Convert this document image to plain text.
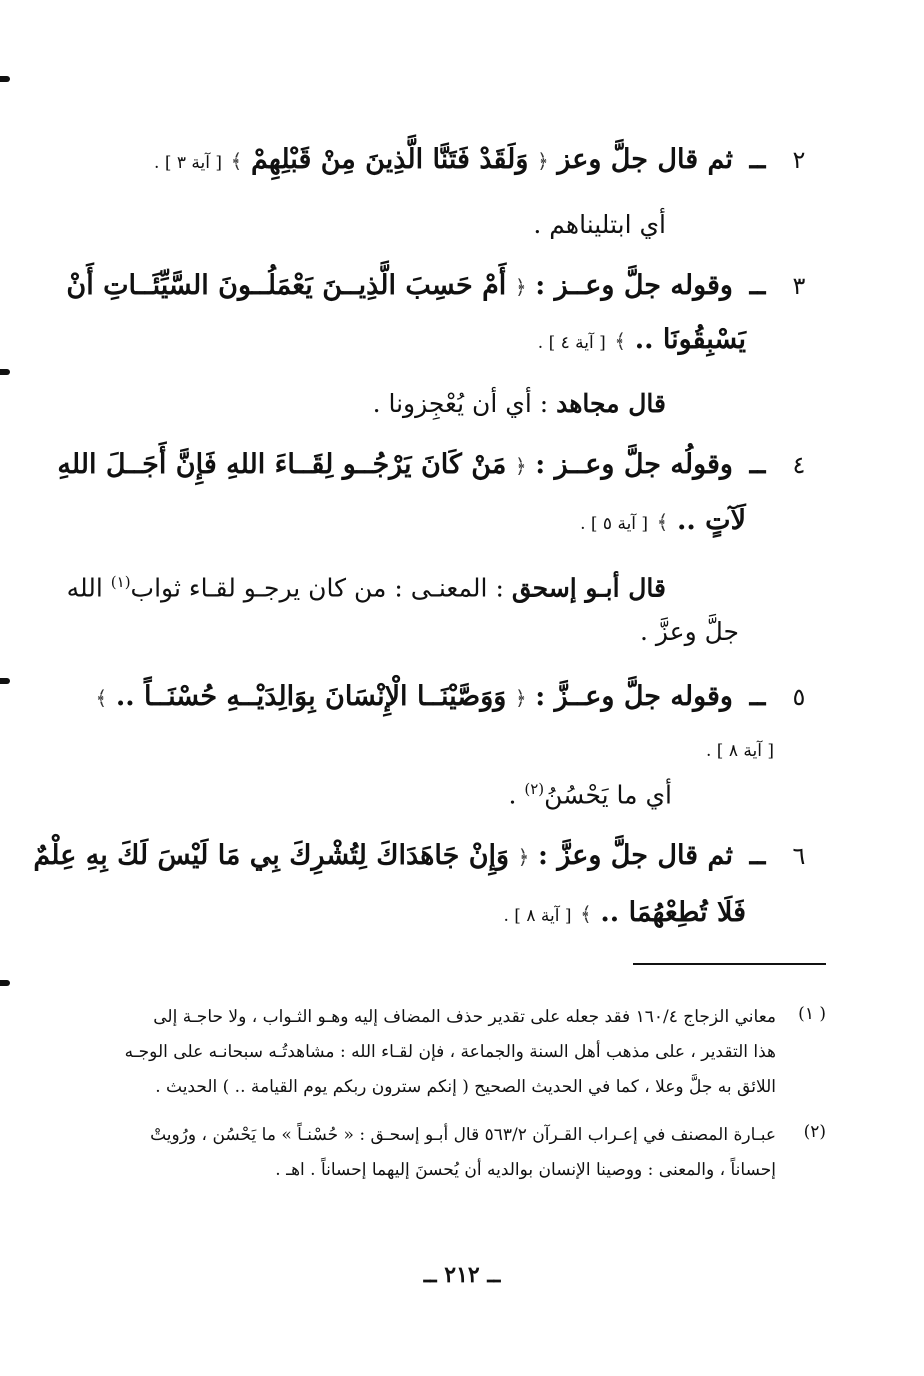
٢ ــ ثم قال جلَّ وعز ﴿ وَلَقَدْ فَتَنَّا الَّذِينَ مِنْ قَبْلِهِمْ ﴾ [ آية ٣ ] .
أي ابتليناهم .
٣ ــ وقوله جلَّ وعــز : ﴿ أَمْ حَسِبَ الَّذِيــنَ يَعْمَلُــونَ السَّيِّئَــاتِ أَنْ
يَسْبِقُونَا .. ﴾ [ آية ٤ ] .
قال مجاهد : أي أن يُعْجِزونا .
٤ ــ وقولُه جلَّ وعــز : ﴿ مَنْ كَانَ يَرْجُــو لِقَــاءَ اللهِ فَإِنَّ أَجَــلَ اللهِ
لَآتٍ .. ﴾ [ آية ٥ ] .
قال أبـو إسحق : المعنـى : من كان يرجـو لقـاء ثواب$^{(١)}$ الله
جلَّ وعزَّ .
٥ ــ وقوله جلَّ وعــزَّ : ﴿ وَوَصَّيْنَــا الْإِنْسَانَ بِوَالِدَيْــهِ حُسْنَــاً .. ﴾
[ آية ٨ ] .
أي ما يَحْسُنُ$^{(٢)}$ .
٦ ــ ثم قال جلَّ وعزَّ : ﴿ وَإِنْ جَاهَدَاكَ لِتُشْرِكَ بِي مَا لَيْسَ لَكَ بِهِ عِلْمٌ
فَلَا تُطِعْهُمَا .. ﴾ [ آية ٨ ] .
( ١)
معاني الزجاج ١٦٠/٤ فقد جعله على تقدير حذف المضاف إليه وهـو الثـواب ، ولا حاجـة إلى
هذا التقدير ، على مذهب أهل السنة والجماعة ، فإن لقـاء الله : مشاهدتُـه سبحانـه على الوجـه
اللائق به جلَّ وعلا ، كما في الحديث الصحيح ( إنكم سترون ربكم يوم القيامة .. ) الحديث .
(٢)
عبـارة المصنف في إعـراب القـرآن ٥٦٣/٢ قال أبـو إسحـق : « حُسْنـاً » ما يَحْسُن ، ورُويتْ
إحساناً ، والمعنى : ووصينا الإنسان بوالديه أن يُحسنَ إليهما إحساناً . اهـ .
ــ ٢١٢ ــ
